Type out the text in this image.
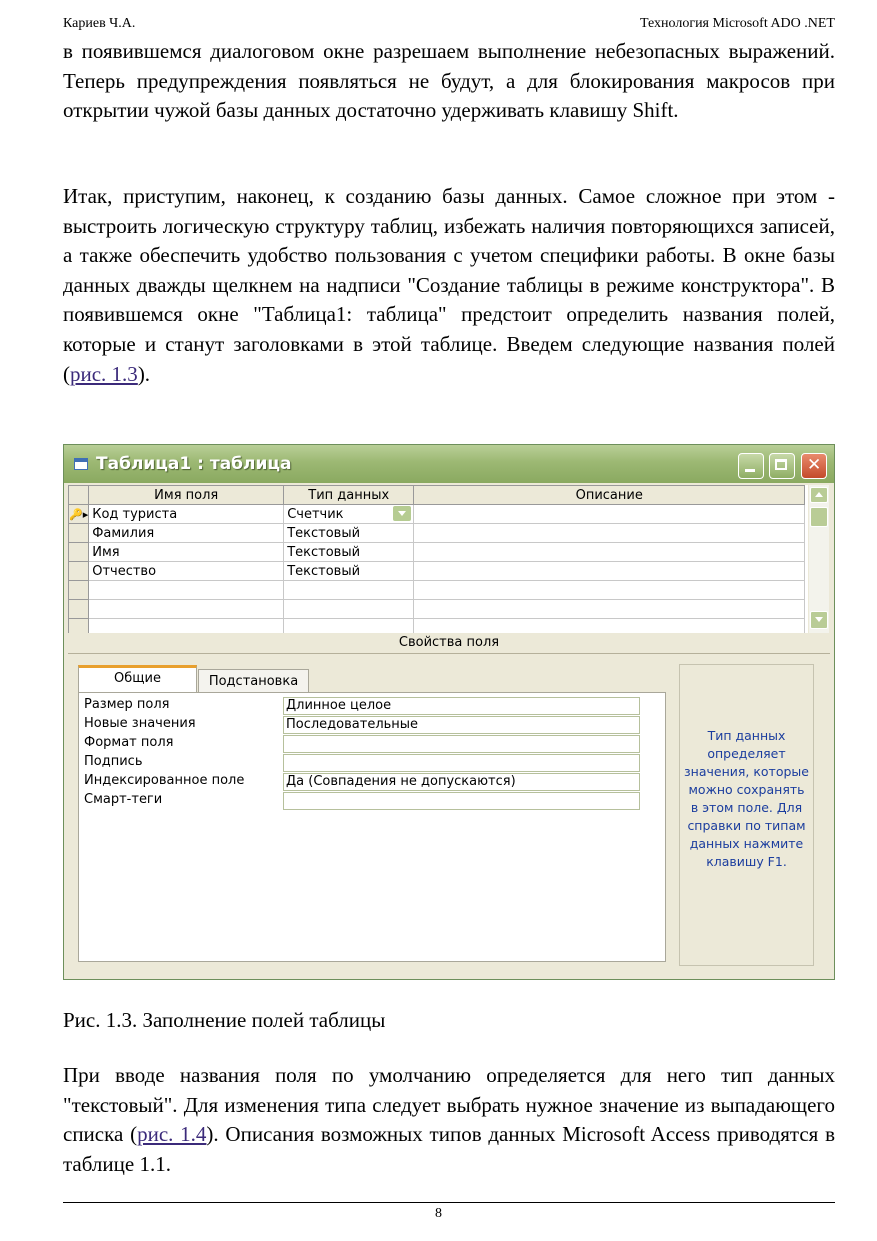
Кариев Ч.А.	Технология Microsoft ADO .NET

в появившемся диалоговом окне разрешаем выполнение небезопасных выражений. Теперь предупреждения появляться не будут, а для блокирования макросов при открытии чужой базы данных достаточно удерживать клавишу Shift.

Итак, приступим, наконец, к созданию базы данных. Самое сложное при этом - выстроить логическую структуру таблиц, избежать наличия повторяющихся записей, а также обеспечить удобство пользования с учетом специфики работы. В окне базы данных дважды щелкнем на надписи "Создание таблицы в режиме конструктора". В появившемся окне "Таблица1: таблица" предстоит определить названия полей, которые и станут заголовками в этой таблице. Введем следующие названия полей (рис. 1.3).

Таблица1 : таблица
✕
	Имя поля	Тип данных	Описание
🔑▸	Код туриста	Счетчик

	Фамилия	Текстовый	
	Имя	Текстовый	
	Отчество	Текстовый	

Свойства поля
Общие	Подстановка
Размер поля	Длинное целое
Новые значения	Последовательные
Формат поля
Подпись
Индексированное поле	Да (Совпадения не допускаются)
Смарт-теги
Тип данных определяет значения, которые можно сохранять в этом поле. Для справки по типам данных нажмите клавишу F1.
Рис. 1.3. Заполнение полей таблицы

При вводе названия поля по умолчанию определяется для него тип данных "текстовый". Для изменения типа следует выбрать нужное значение из выпадающего списка (рис. 1.4). Описания возможных типов данных Microsoft Access приводятся в таблице 1.1.

8
